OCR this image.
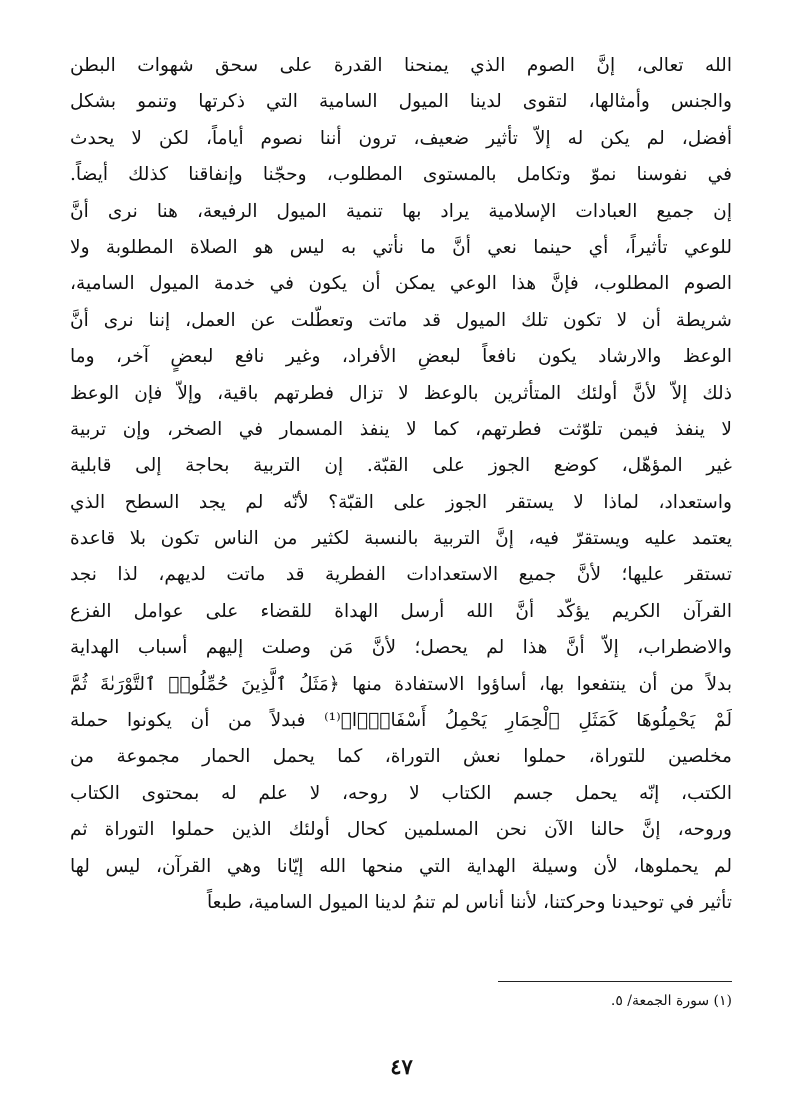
الله تعالى، إنَّ الصوم الذي يمنحنا القدرة على سحق شهوات البطن
والجنس وأمثالها، لتقوى لدينا الميول السامية التي ذكرتها وتنمو بشكل
أفضل، لم يكن له إلاّ تأثير ضعيف، ترون أننا نصوم أياماً، لكن لا يحدث
في نفوسنا نموّ وتكامل بالمستوى المطلوب، وحجّنا وإنفاقنا كذلك أيضاً.
إن جميع العبادات الإسلامية يراد بها تنمية الميول الرفيعة، هنا نرى أنَّ
للوعي تأثيراً، أي حينما نعي أنَّ ما نأتي به ليس هو الصلاة المطلوبة ولا
الصوم المطلوب، فإنَّ هذا الوعي يمكن أن يكون في خدمة الميول السامية،
شريطة أن لا تكون تلك الميول قد ماتت وتعطّلت عن العمل، إننا نرى أنَّ
الوعظ والارشاد يكون نافعاً لبعضِ الأفراد، وغير نافع لبعضٍ آخر، وما
ذلك إلاّ لأنَّ أولئك المتأثرين بالوعظ لا تزال فطرتهم باقية، وإلاّ فإن الوعظ
لا ينفذ فيمن تلوّثت فطرتهم، كما لا ينفذ المسمار في الصخر، وإن تربية
غير المؤهّل، كوضع الجوز على القبّة. إن التربية بحاجة إلى قابلية
واستعداد، لماذا لا يستقر الجوز على القبّة؟ لأنّه لم يجد السطح الذي
يعتمد عليه ويستقرّ فيه، إنَّ التربية بالنسبة لكثير من الناس تكون بلا قاعدة
تستقر عليها؛ لأنَّ جميع الاستعدادات الفطرية قد ماتت لديهم، لذا نجد
القرآن الكريم يؤكّد أنَّ الله أرسل الهداة للقضاء على عوامل الفزع
والاضطراب، إلاّ أنَّ هذا لم يحصل؛ لأنَّ مَن وصلت إليهم أسباب الهداية
بدلاً من أن ينتفعوا بها، أساؤوا الاستفادة منها ﴿مَثَلُ ٱلَّذِينَ حُمِّلُوا۟ ٱلتَّوْرَىٰةَ ثُمَّ
لَمْ يَحْمِلُوهَا كَمَثَلِ ٱلْحِمَارِ يَحْمِلُ أَسْفَارًۢا﴾⁽¹⁾ فبدلاً من أن يكونوا حملة
مخلصين للتوراة، حملوا نعش التوراة، كما يحمل الحمار مجموعة من
الكتب، إنّه يحمل جسم الكتاب لا روحه، لا علم له بمحتوى الكتاب
وروحه، إنَّ حالنا الآن نحن المسلمين كحال أولئك الذين حملوا التوراة ثم
لم يحملوها، لأن وسيلة الهداية التي منحها الله إيّانا وهي القرآن، ليس لها
تأثير في توحيدنا وحركتنا، لأننا أناس لم تنمُ لدينا الميول السامية، طبعاً
(١) سورة الجمعة/ ٥.
٤٧
